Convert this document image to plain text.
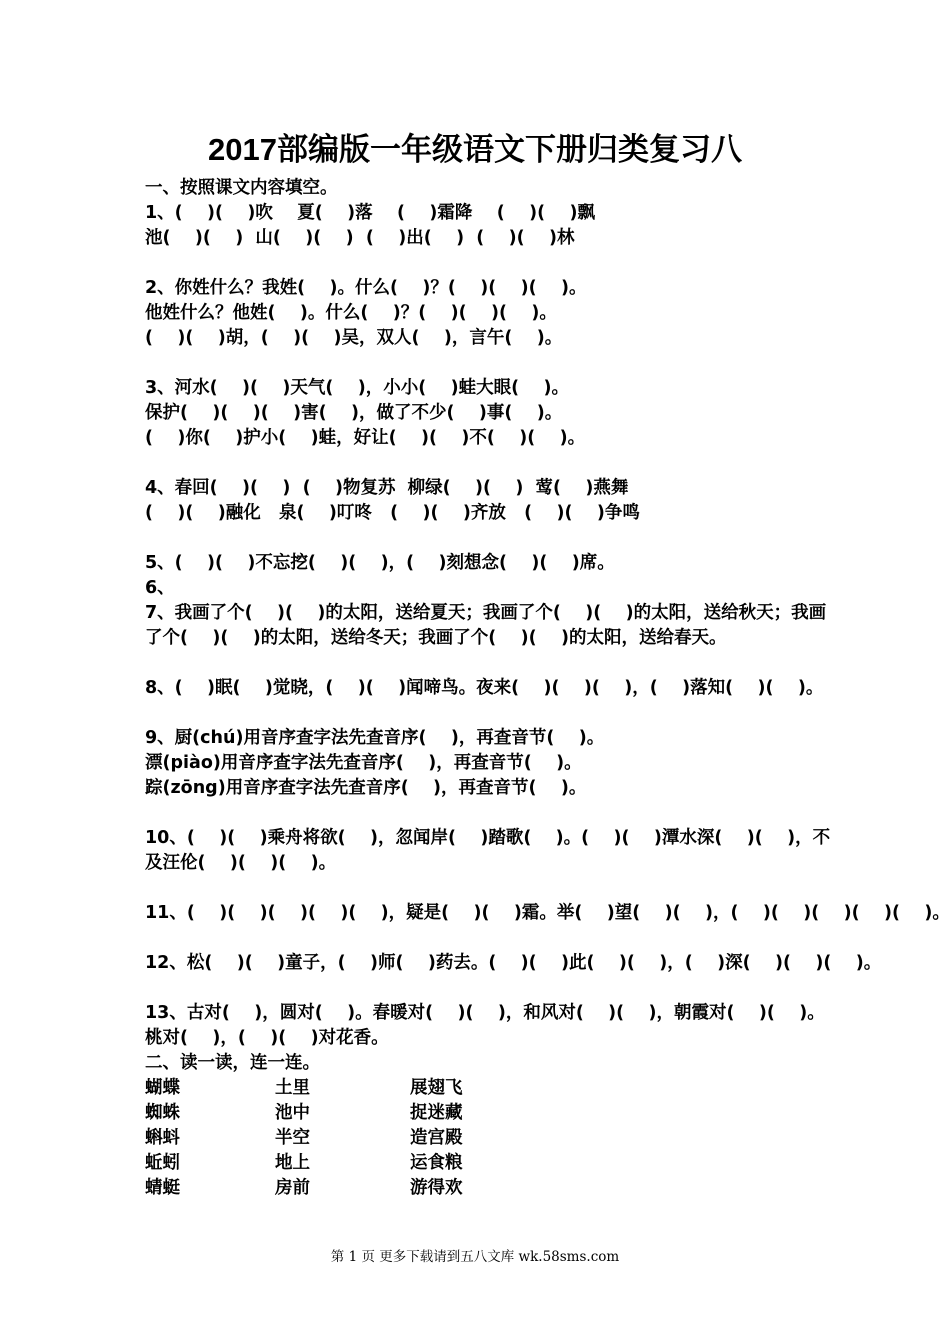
2017部编版一年级语文下册归类复习八
一、按照课文内容填空。
1、(    )(    )吹    夏(    )落    (    )霜降    (    )(    )飘
池(    )(    )  山(    )(    )  (    )出(    )  (    )(    )林
2、你姓什么？我姓(    )。什么(    )？(    )(    )(    )。
他姓什么？他姓(    )。什么(    )？(    )(    )(    )。
(    )(    )胡，(    )(    )吴，双人(    )，言午(    )。
3、河水(    )(    )天气(    )，小小(    )蛙大眼(    )。
保护(    )(    )(    )害(    )，做了不少(    )事(    )。
(    )你(    )护小(    )蛙，好让(    )(    )不(    )(    )。
4、春回(    )(    )  (    )物复苏  柳绿(    )(    )  莺(    )燕舞
(    )(    )融化   泉(    )叮咚   (    )(    )齐放   (    )(    )争鸣
5、(    )(    )不忘挖(    )(    )，(    )刻想念(    )(    )席。
6、
7、我画了个(    )(    )的太阳，送给夏天；我画了个(    )(    )的太阳，送给秋天；我画了个(    )(    )的太阳，送给冬天；我画了个(    )(    )的太阳，送给春天。
8、(    )眠(    )觉晓，(    )(    )闻啼鸟。夜来(    )(    )(    )，(    )落知(    )(    )。
9、厨(chú)用音序查字法先查音序(    )，再查音节(    )。
漂(piào)用音序查字法先查音序(    )，再查音节(    )。
踪(zōng)用音序查字法先查音序(    )，再查音节(    )。
10、(    )(    )乘舟将欲(    )，忽闻岸(    )踏歌(    )。(    )(    )潭水深(    )(    )，不及汪伦(    )(    )(    )。
11、(    )(    )(    )(    )(    )，疑是(    )(    )霜。举(    )望(    )(    )，(    )(    )(    )(    )(    )。
12、松(    )(    )童子，(    )师(    )药去。(    )(    )此(    )(    )，(    )深(    )(    )(    )。
13、古对(    )，圆对(    )。春暖对(    )(    )，和风对(    )(    )，朝霞对(    )(    )。桃对(    )，(    )(    )对花香。
二、读一读，连一连。
蝴蝶	土里	展翅飞
蜘蛛	池中	捉迷藏
蝌蚪	半空	造宫殿
蚯蚓	地上	运食粮
蜻蜓	房前	游得欢
第 1 页 更多下载请到五八文库 wk.58sms.com
